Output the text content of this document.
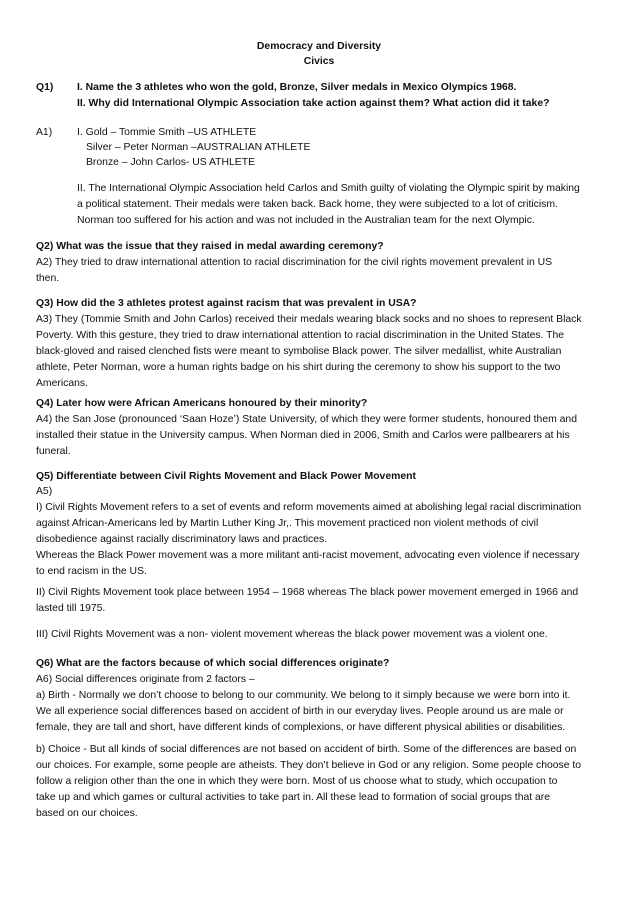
Democracy and Diversity
Civics
Q1) I. Name the 3 athletes who won the gold, Bronze, Silver medals in Mexico Olympics 1968.
II. Why did International Olympic Association take action against them? What action did it take?
A1) I. Gold – Tommie Smith –US ATHLETE
Silver – Peter Norman –AUSTRALIAN ATHLETE
Bronze – John Carlos- US ATHLETE
II. The International Olympic Association held Carlos and Smith guilty of violating the Olympic spirit by making
a political statement. Their medals were taken back. Back home, they were subjected to a lot of criticism.
Norman too suffered for his action and was not included in the Australian team for the next Olympic.
Q2) What was the issue that they raised in medal awarding ceremony?
A2) They tried to draw international attention to racial discrimination for the civil rights movement prevalent in US
then.
Q3) How did the 3 athletes protest against racism that was prevalent in USA?
A3) They (Tommie Smith and John Carlos) received their medals wearing black socks and no shoes to represent Black
Poverty. With this gesture, they tried to draw international attention to racial discrimination in the United States. The
black-gloved and raised clenched fists were meant to symbolise Black power. The silver medallist, white Australian
athlete, Peter Norman, wore a human rights badge on his shirt during the ceremony to show his support to the two
Americans.
Q4) Later how were African Americans honoured by their minority?
A4) the San Jose (pronounced ‘Saan Hoze’) State University, of which they were former students, honoured them and
installed their statue in the University campus. When Norman died in 2006, Smith and Carlos were pallbearers at his
funeral.
Q5) Differentiate between Civil Rights Movement and Black Power Movement
A5)
I) Civil Rights Movement refers to a set of events and reform movements aimed at abolishing legal racial discrimination
against African-Americans led by Martin Luther King Jr,. This movement practiced non violent methods of civil
disobedience against racially discriminatory laws and practices.
Whereas the Black Power movement was a more militant anti-racist movement, advocating even violence if necessary
to end racism in the US.
II) Civil Rights Movement took place between 1954 – 1968 whereas The black power movement emerged in 1966 and
lasted till 1975.
III) Civil Rights Movement was a non- violent movement whereas the black power movement was a violent one.
Q6) What are the factors because of which social differences originate?
A6) Social differences originate from 2 factors –
a) Birth - Normally we don’t choose to belong to our community. We belong to it simply because we were born into it.
We all experience social differences based on accident of birth in our everyday lives. People around us are male or
female, they are tall and short, have different kinds of complexions, or have different physical abilities or disabilities.
b) Choice - But all kinds of social differences are not based on accident of birth. Some of the differences are based on
our choices. For example, some people are atheists. They don’t believe in God or any religion. Some people choose to
follow a religion other than the one in which they were born. Most of us choose what to study, which occupation to
take up and which games or cultural activities to take part in. All these lead to formation of social groups that are
based on our choices.
